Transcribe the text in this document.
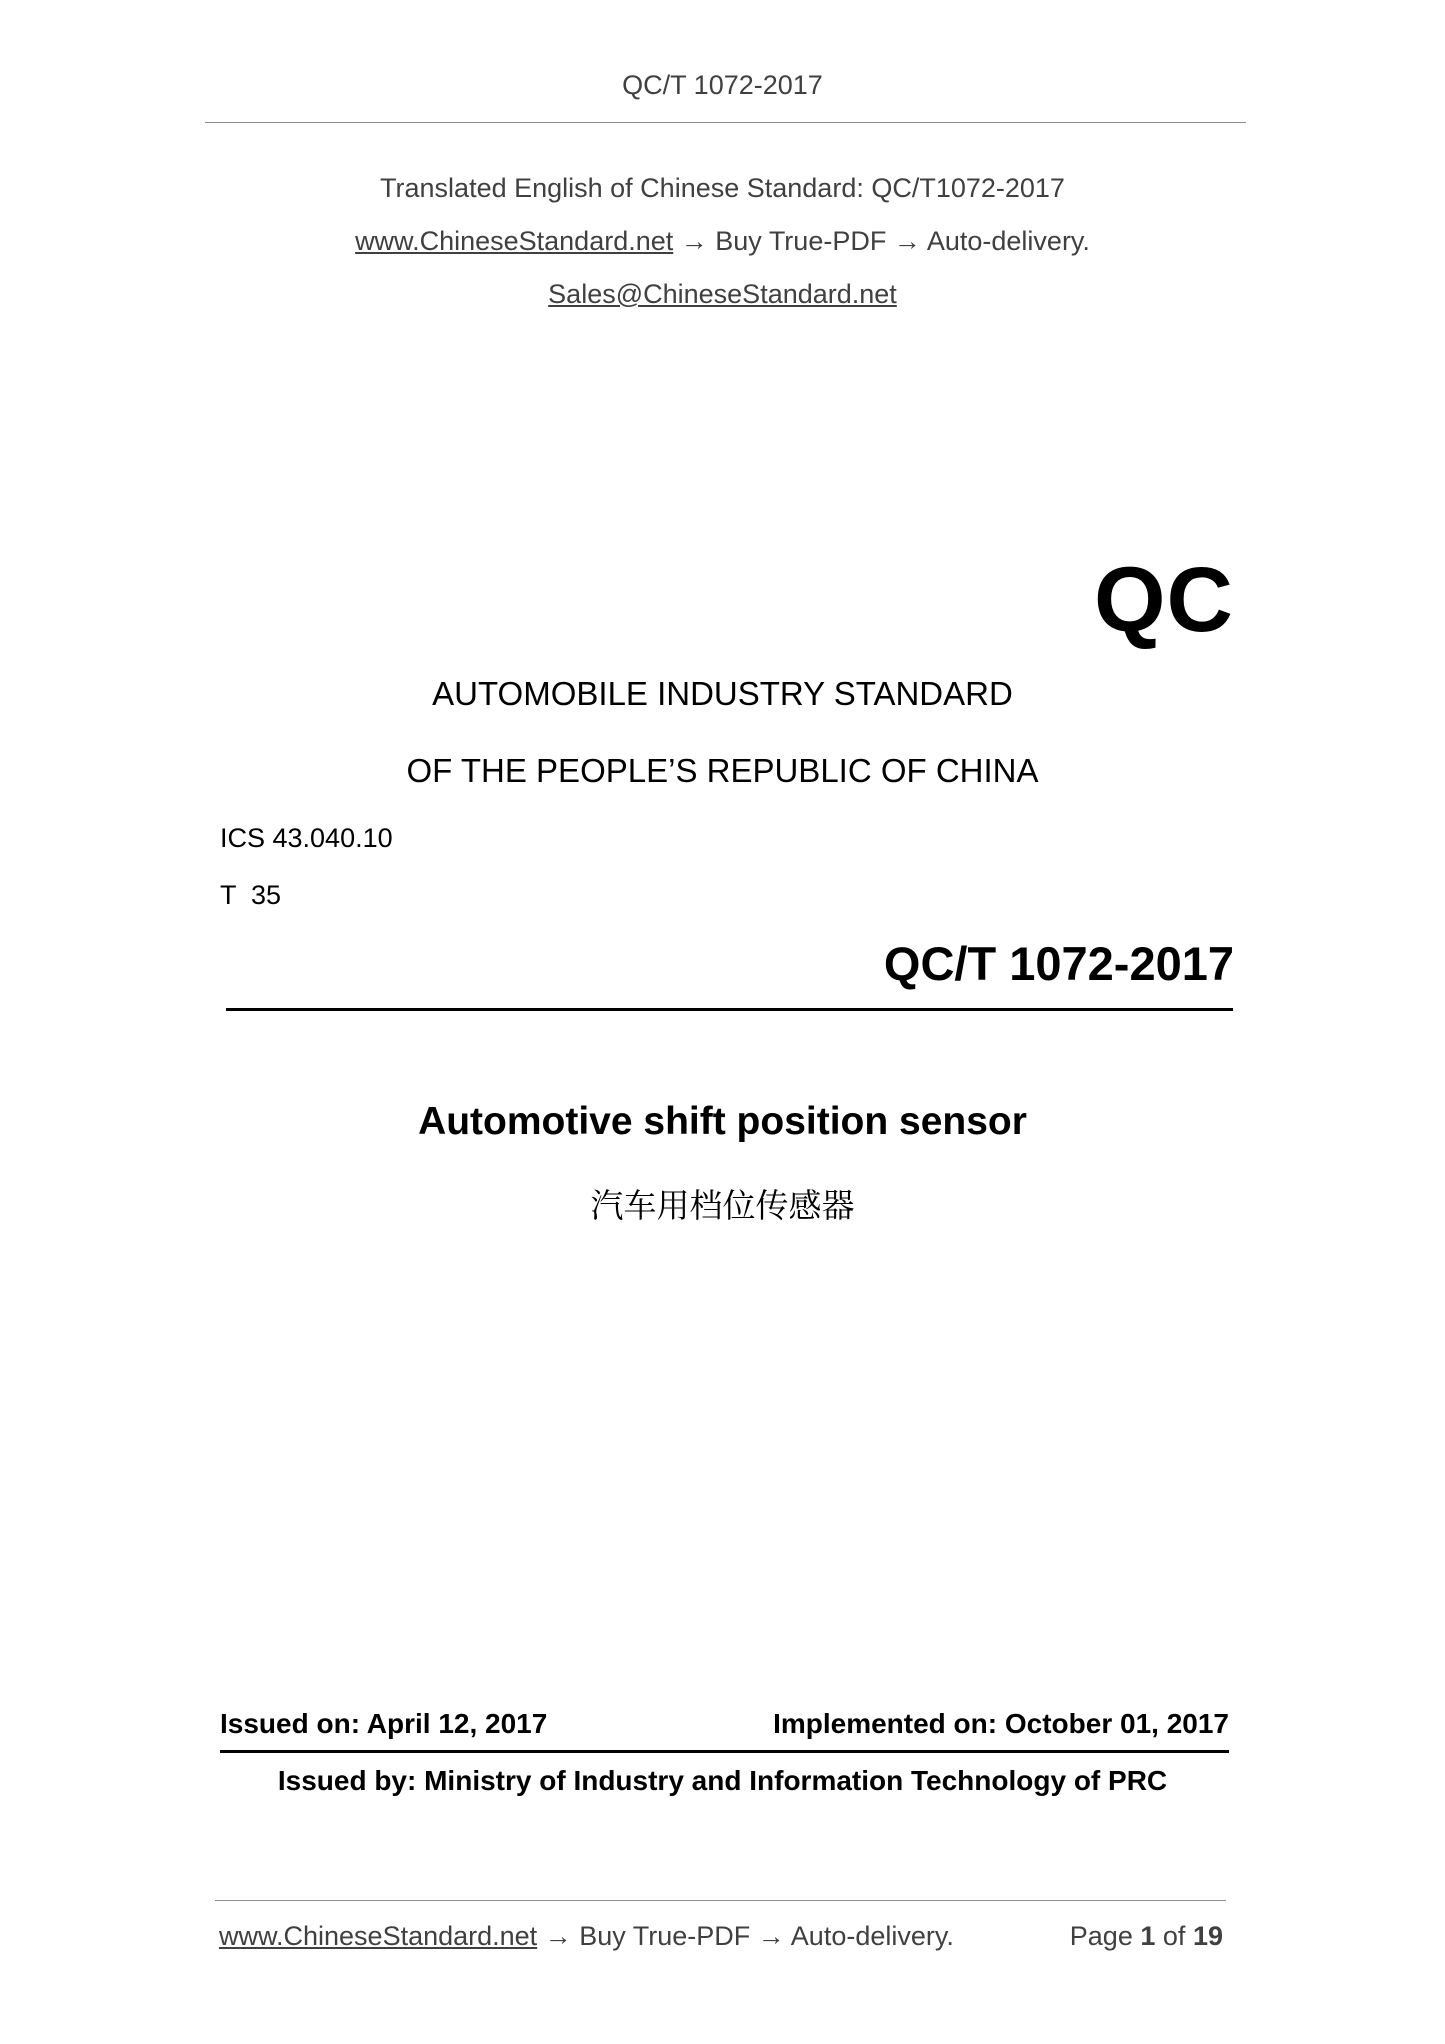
QC/T 1072-2017
Translated English of Chinese Standard: QC/T1072-2017
www.ChineseStandard.net → Buy True-PDF → Auto-delivery.
Sales@ChineseStandard.net
QC
AUTOMOBILE INDUSTRY STANDARD
OF THE PEOPLE’S REPUBLIC OF CHINA
ICS 43.040.10
T  35
QC/T 1072-2017
Automotive shift position sensor
汽车用档位传感器
Issued on: April 12, 2017	Implemented on: October 01, 2017
Issued by: Ministry of Industry and Information Technology of PRC
www.ChineseStandard.net → Buy True-PDF → Auto-delivery.	Page 1 of 19
